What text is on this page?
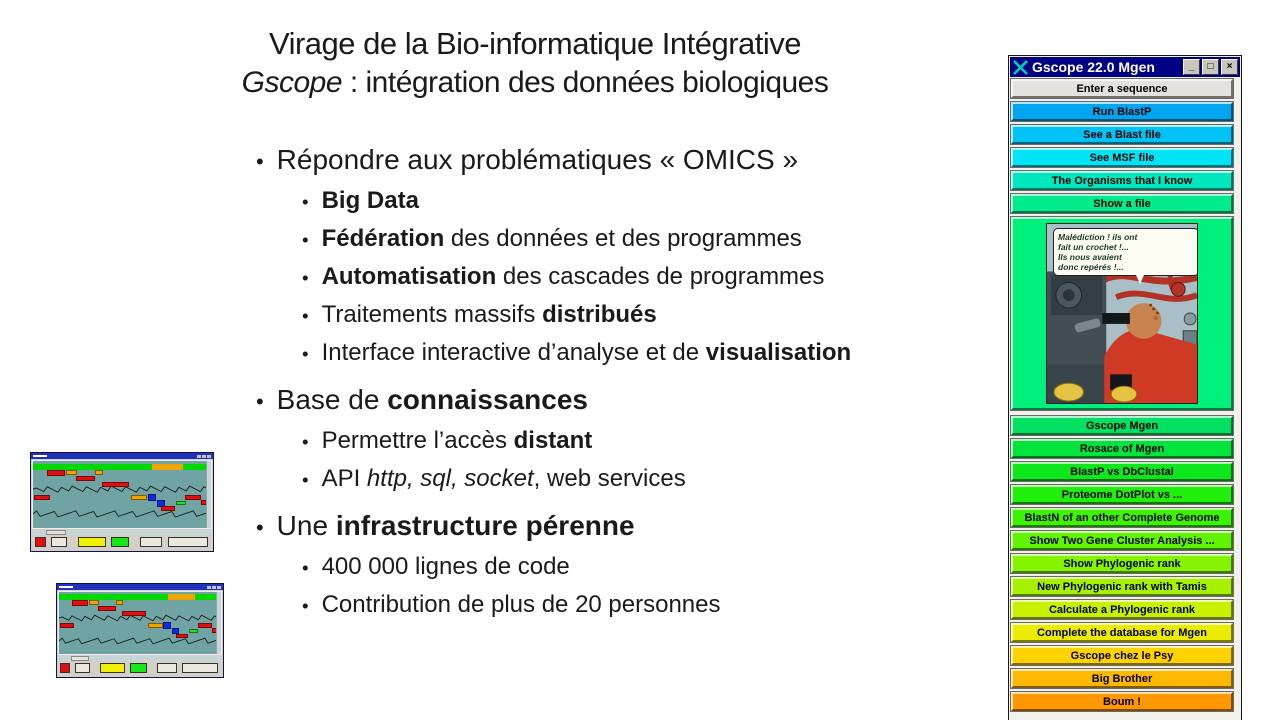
Virage de la Bio-informatique Intégrative
Gscope : intégration des données biologiques
• Répondre aux problématiques « OMICS »
• Big Data
• Fédération des données et des programmes
• Automatisation des cascades de programmes
• Traitements massifs distribués
• Interface interactive d’analyse et de visualisation
• Base de connaissances
• Permettre l’accès distant
• API http, sql, socket, web services
• Une infrastructure pérenne
• 400 000 lignes de code
• Contribution de plus de 20 personnes
Gscope 22.0 Mgen	_	□	×
Enter a sequence
Run BlastP
See a Blast file
See MSF file
The Organisms that I know
Show a file
Malédiction ! ils ont
fait un crochet !...
Ils nous avaient
donc repérés !...
Gscope Mgen
Rosace of Mgen
BlastP vs DbClustal
Proteome DotPlot vs ...
BlastN of an other Complete Genome
Show Two Gene Cluster Analysis ...
Show Phylogenic rank
New Phylogenic rank with Tamis
Calculate a Phylogenic rank
Complete the database for Mgen
Gscope chez le Psy
Big Brother
Boum !
